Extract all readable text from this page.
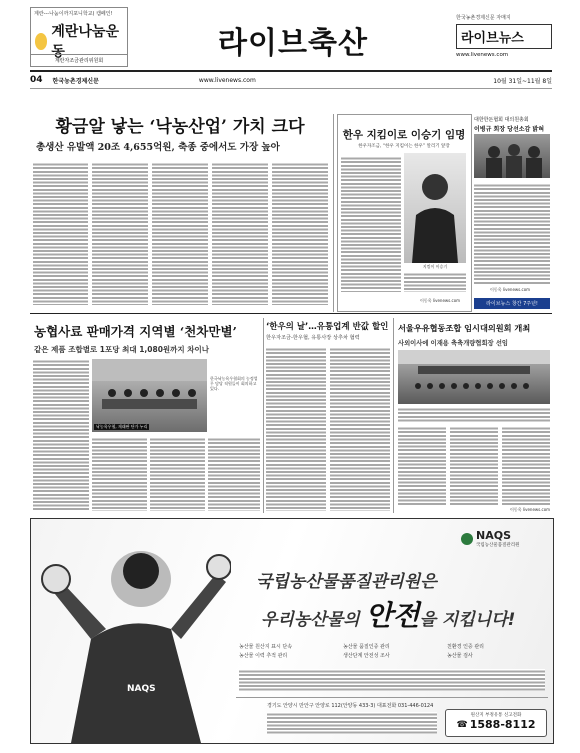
계란---나눔이까지포니학교) 캠페인!
계란나눔운동
계란자조금관리위원회	라이브축산
한국농촌경제신문 자매지
라이브뉴스
www.livenews.com
04 한국농촌경제신문	www.livenews.com	10월 31일~11월 8일
황금알 낳는 ‘낙농산업’ 가치 크다
총생산 유발액 20조 4,655억원, 축종 중에서도 가장 높아
한우 지킴이로 이승기 임명
한우자조금, “한우 지킴이는 한우” 알리기 앞장
지킴이 이승기
이동욱 livenews.com
대한한돈협회 대의원총회
이병규 회장 당선소감 밝혀
이동욱 livenews.com
라이브뉴스 창간 7주년!
농협사료 판매가격 지역별 ‘천차만별’
같은 제품 조합별로 1포당 최대 1,080원까지 차이나
낙농육우협, 재래판 단가 누리
한국낙농육우협회의 농정업무 담당 직원들이 회의하고 있다.
‘한우의 날’…유통업계 반값 할인
한우자조금-한우협, 유통사장 상추차 협력
서울우유협동조합 임시대의원회 개최
사외이사에 이재용 축축개량협회장 선임
이동욱 livenews.com
NAQS
NAQS
국립농산물품질관리원
국립농산물품질관리원은
우리농산물의 안전을 지킵니다!
농산물 원산지 표시 단속	농산물 품질인증 관리	친환경 인증 관리
농산물 이력 추적 관리	생산단계 안전성 조사	농산물 검사
경기도 안양시 만안구 안양로 112(안양동 433-3) 대표전화 031-446-0124
원산지 부정유통 신고전화
☎ 1588-8112
